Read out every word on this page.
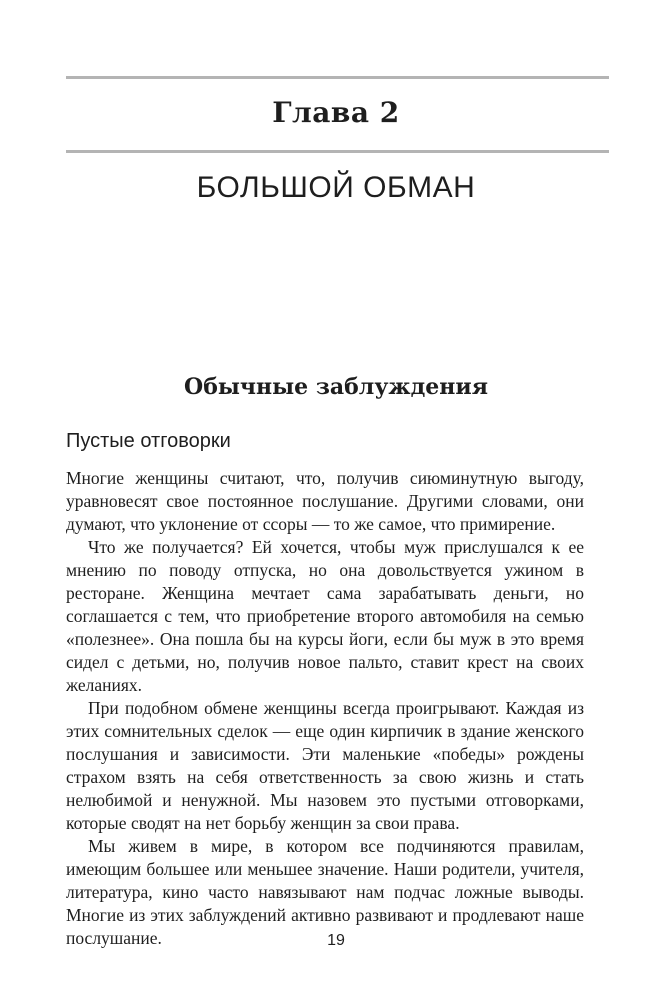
Глава 2
БОЛЬШОЙ ОБМАН
Обычные заблуждения
Пустые отговорки

Многие женщины считают, что, получив сиюминутную выгоду, уравновесят свое постоянное послушание. Другими словами, они думают, что уклонение от ссоры — то же самое, что примирение.

Что же получается? Ей хочется, чтобы муж прислушался к ее мнению по поводу отпуска, но она довольствуется ужином в ресторане. Женщина мечтает сама зарабатывать деньги, но соглашается с тем, что приобретение второго автомобиля на семью «полезнее». Она пошла бы на курсы йоги, если бы муж в это время сидел с детьми, но, получив новое пальто, ставит крест на своих желаниях.

При подобном обмене женщины всегда проигрывают. Каждая из этих сомнительных сделок — еще один кирпичик в здание женского послушания и зависимости. Эти маленькие «победы» рождены страхом взять на себя ответственность за свою жизнь и стать нелюбимой и ненужной. Мы назовем это пустыми отговорками, которые сводят на нет борьбу женщин за свои права.

Мы живем в мире, в котором все подчиняются правилам, имеющим большее или меньшее значение. Наши родители, учителя, литература, кино часто навязывают нам подчас ложные выводы. Многие из этих заблуждений активно развивают и продлевают наше послушание.	19
